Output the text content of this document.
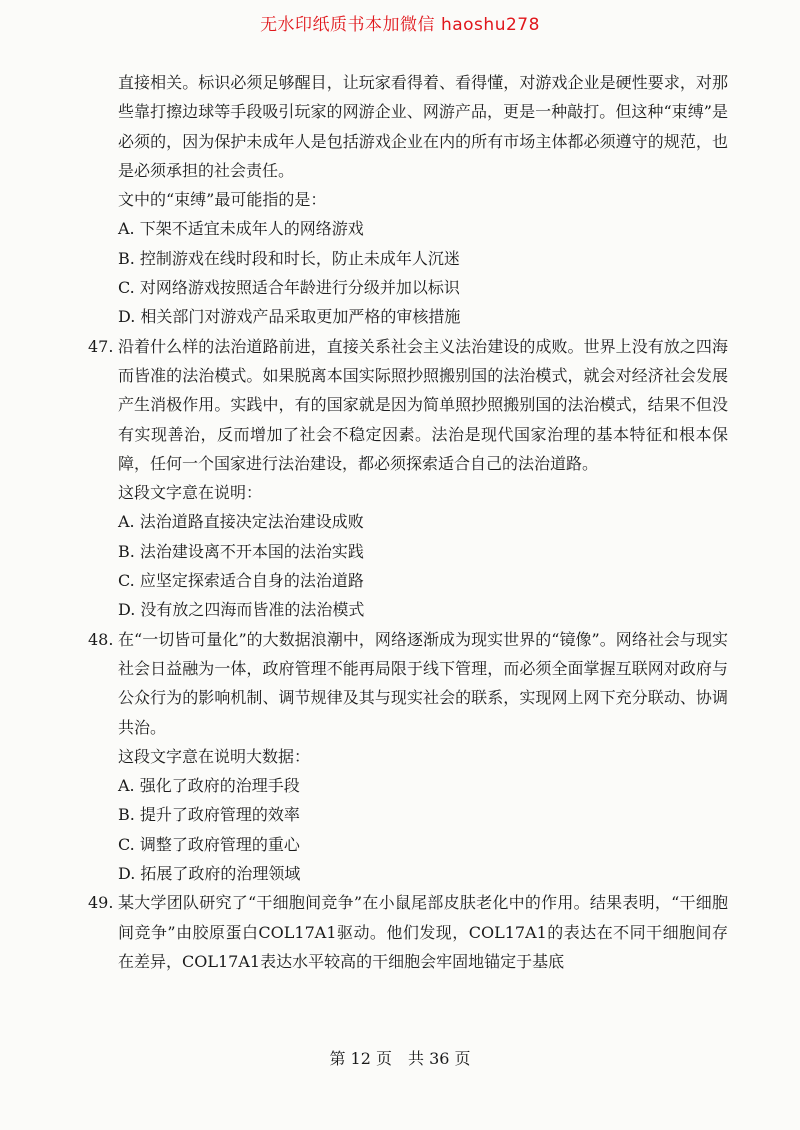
无水印纸质书本加微信 haoshu278

直接相关。标识必须足够醒目，让玩家看得着、看得懂，对游戏企业是硬性要求，对那些靠打擦边球等手段吸引玩家的网游企业、网游产品，更是一种敲打。但这种“束缚”是必须的，因为保护未成年人是包括游戏企业在内的所有市场主体都必须遵守的规范，也是必须承担的社会责任。

文中的“束缚”最可能指的是：
A. 下架不适宜未成年人的网络游戏
B. 控制游戏在线时段和时长，防止未成年人沉迷
C. 对网络游戏按照适合年龄进行分级并加以标识
D. 相关部门对游戏产品采取更加严格的审核措施
47. 沿着什么样的法治道路前进，直接关系社会主义法治建设的成败。世界上没有放之四海而皆准的法治模式。如果脱离本国实际照抄照搬别国的法治模式，就会对经济社会发展产生消极作用。实践中，有的国家就是因为简单照抄照搬别国的法治模式，结果不但没有实现善治，反而增加了社会不稳定因素。法治是现代国家治理的基本特征和根本保障，任何一个国家进行法治建设，都必须探索适合自己的法治道路。
这段文字意在说明：
A. 法治道路直接决定法治建设成败
B. 法治建设离不开本国的法治实践
C. 应坚定探索适合自身的法治道路
D. 没有放之四海而皆准的法治模式
48. 在“一切皆可量化”的大数据浪潮中，网络逐渐成为现实世界的“镜像”。网络社会与现实社会日益融为一体，政府管理不能再局限于线下管理，而必须全面掌握互联网对政府与公众行为的影响机制、调节规律及其与现实社会的联系，实现网上网下充分联动、协调共治。
这段文字意在说明大数据：
A. 强化了政府的治理手段
B. 提升了政府管理的效率
C. 调整了政府管理的重心
D. 拓展了政府的治理领域
49. 某大学团队研究了“干细胞间竞争”在小鼠尾部皮肤老化中的作用。结果表明，“干细胞间竞争”由胶原蛋白COL17A1驱动。他们发现，COL17A1的表达在不同干细胞间存在差异，COL17A1表达水平较高的干细胞会牢固地锚定于基底
第 12 页　共 36 页
